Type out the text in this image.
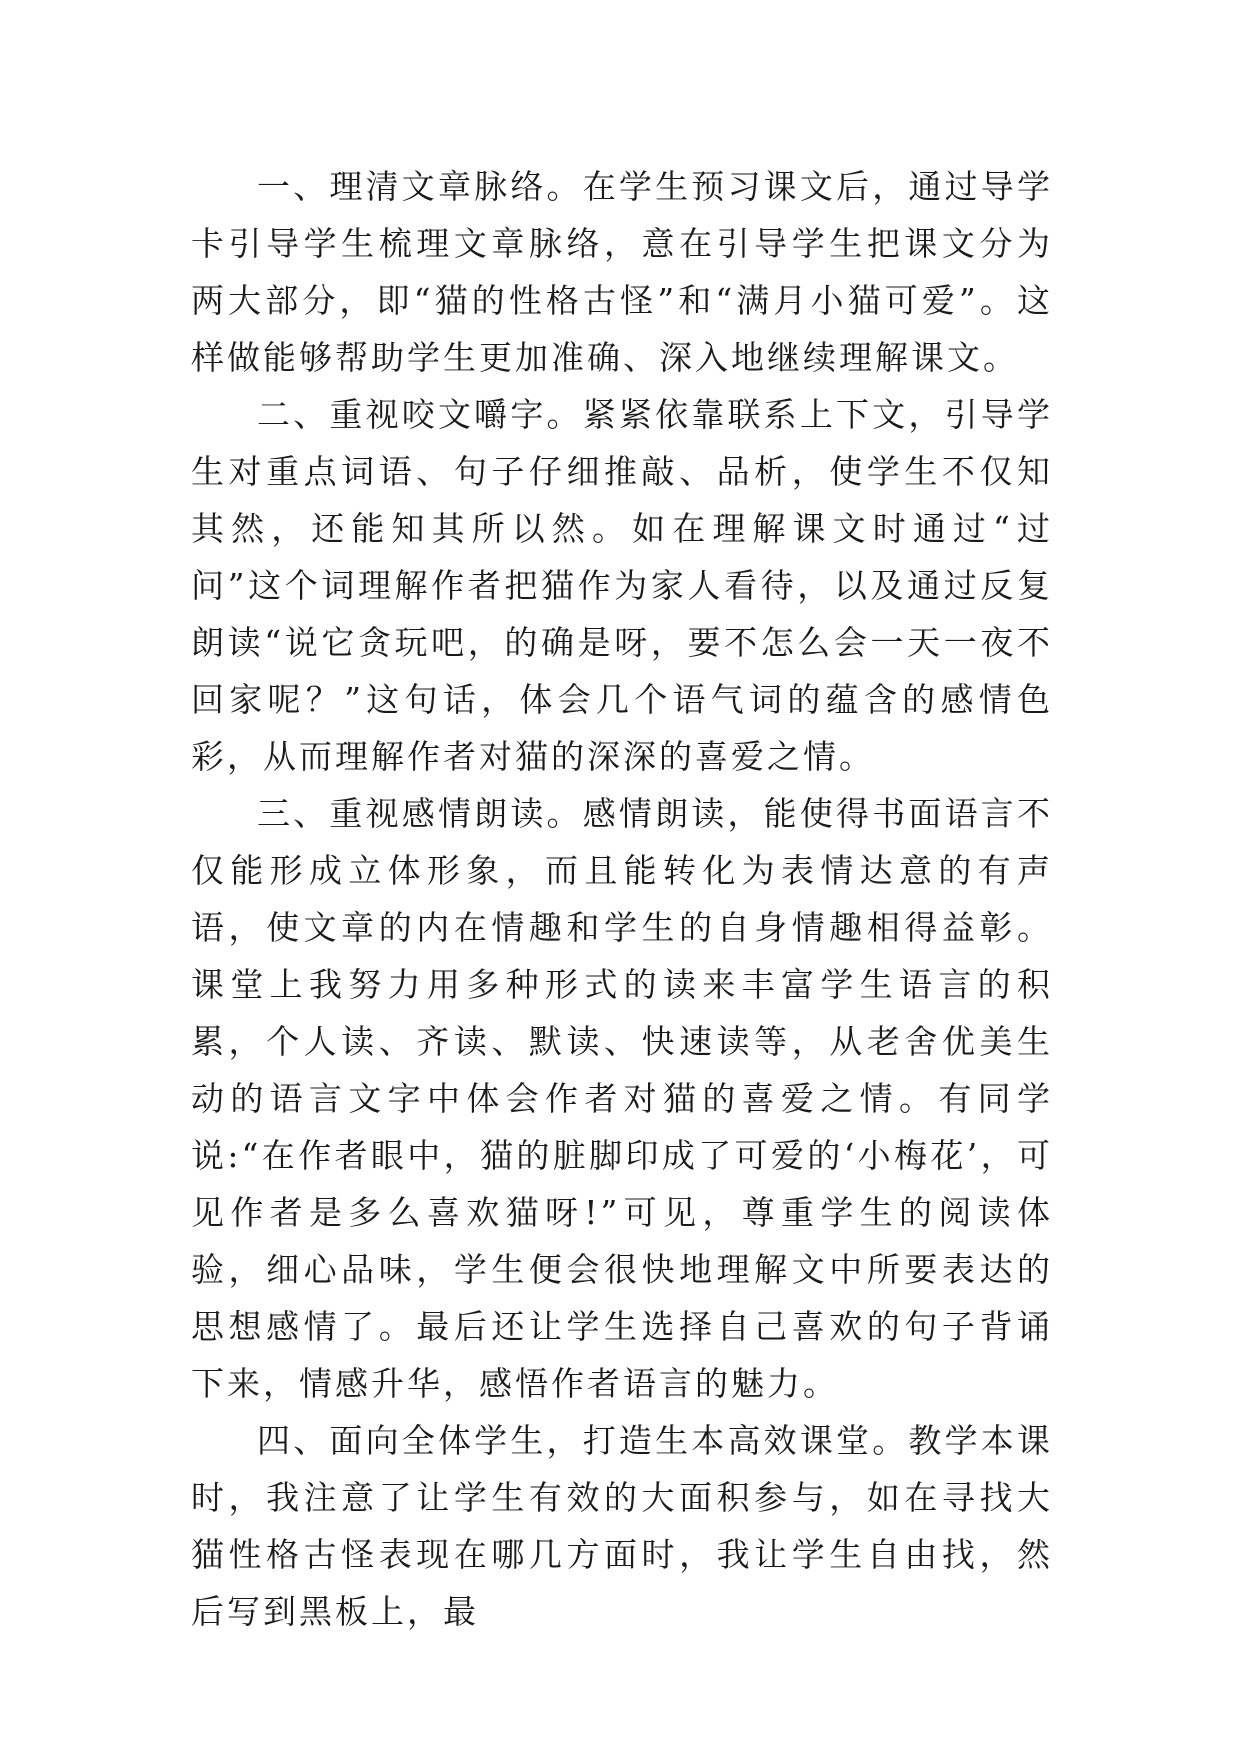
一、理清文章脉络。在学生预习课文后，通过导学卡引导学生梳理文章脉络，意在引导学生把课文分为两大部分，即“猫的性格古怪”和“满月小猫可爱”。这样做能够帮助学生更加准确、深入地继续理解课文。

二、重视咬文嚼字。紧紧依靠联系上下文，引导学生对重点词语、句子仔细推敲、品析，使学生不仅知其然，还能知其所以然。如在理解课文时通过“过问”这个词理解作者把猫作为家人看待，以及通过反复朗读“说它贪玩吧，的确是呀，要不怎么会一天一夜不回家呢？”这句话，体会几个语气词的蕴含的感情色彩，从而理解作者对猫的深深的喜爱之情。

三、重视感情朗读。感情朗读，能使得书面语言不仅能形成立体形象，而且能转化为表情达意的有声语，使文章的内在情趣和学生的自身情趣相得益彰。课堂上我努力用多种形式的读来丰富学生语言的积累，个人读、齐读、默读、快速读等，从老舍优美生动的语言文字中体会作者对猫的喜爱之情。有同学说:“在作者眼中，猫的脏脚印成了可爱的‘小梅花’，可见作者是多么喜欢猫呀!”可见，尊重学生的阅读体验，细心品味，学生便会很快地理解文中所要表达的思想感情了。最后还让学生选择自己喜欢的句子背诵下来，情感升华，感悟作者语言的魅力。

四、面向全体学生，打造生本高效课堂。教学本课时，我注意了让学生有效的大面积参与，如在寻找大猫性格古怪表现在哪几方面时，我让学生自由找，然后写到黑板上，最
